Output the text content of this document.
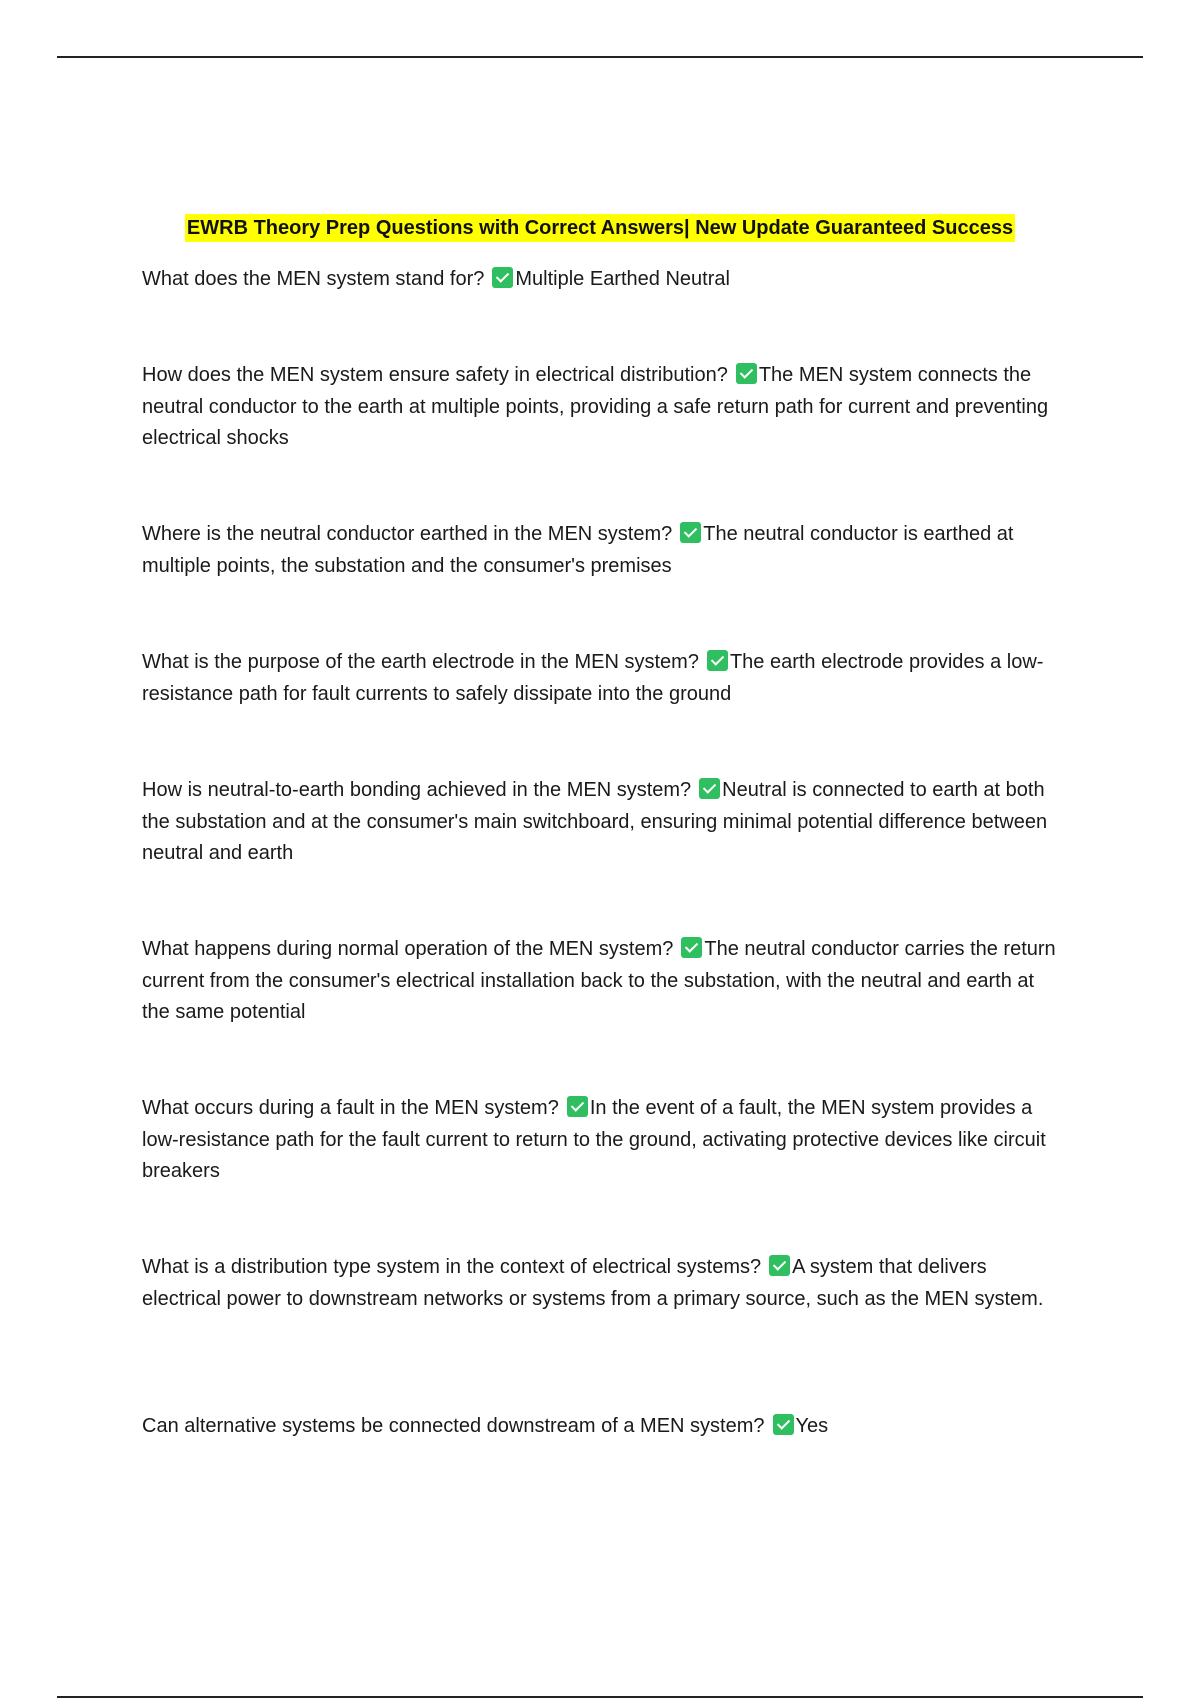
EWRB Theory Prep Questions with Correct Answers| New Update Guaranteed Success
What does the MEN system stand for? Multiple Earthed Neutral
How does the MEN system ensure safety in electrical distribution? The MEN system connects the neutral conductor to the earth at multiple points, providing a safe return path for current and preventing electrical shocks
Where is the neutral conductor earthed in the MEN system? The neutral conductor is earthed at multiple points, the substation and the consumer's premises
What is the purpose of the earth electrode in the MEN system? The earth electrode provides a low-resistance path for fault currents to safely dissipate into the ground
How is neutral-to-earth bonding achieved in the MEN system? Neutral is connected to earth at both the substation and at the consumer's main switchboard, ensuring minimal potential difference between neutral and earth
What happens during normal operation of the MEN system? The neutral conductor carries the return current from the consumer's electrical installation back to the substation, with the neutral and earth at the same potential
What occurs during a fault in the MEN system? In the event of a fault, the MEN system provides a low-resistance path for the fault current to return to the ground, activating protective devices like circuit breakers
What is a distribution type system in the context of electrical systems? A system that delivers electrical power to downstream networks or systems from a primary source, such as the MEN system.
Can alternative systems be connected downstream of a MEN system? Yes
